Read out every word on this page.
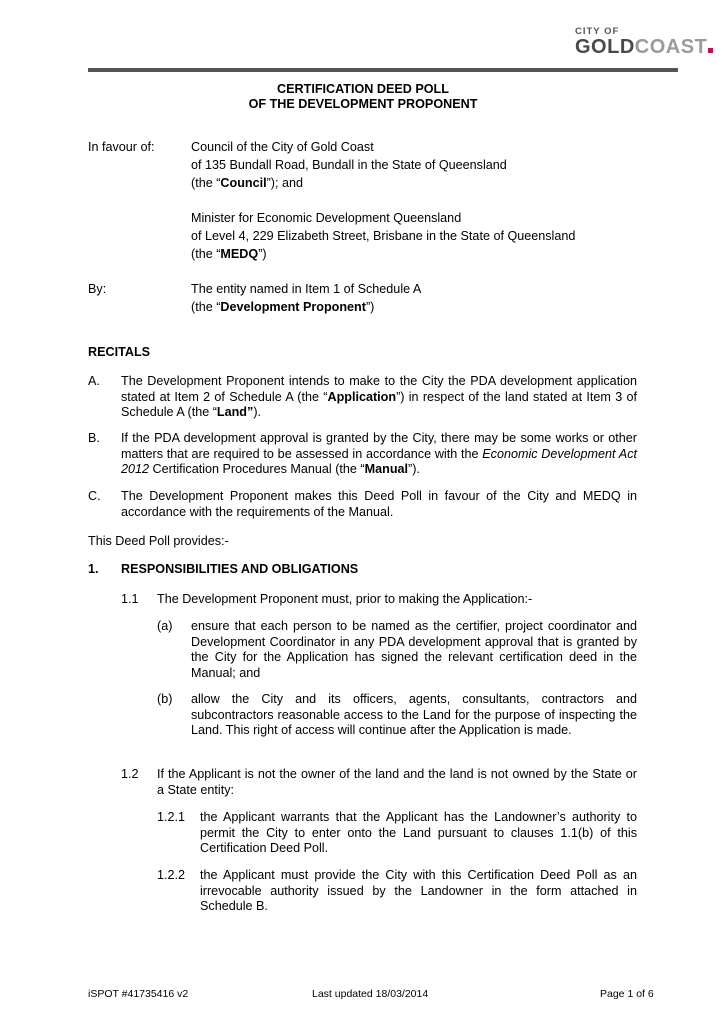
CITY OF
GOLDCOAST
CERTIFICATION DEED POLL
OF THE DEVELOPMENT PROPONENT
In favour of:	Council of the City of Gold Coast
of 135 Bundall Road, Bundall in the State of Queensland
(the “Council”); and
Minister for Economic Development Queensland
of Level 4, 229 Elizabeth Street, Brisbane in the State of Queensland
(the “MEDQ”)
By:	The entity named in Item 1 of Schedule A
(the “Development Proponent”)
RECITALS
A. The Development Proponent intends to make to the City the PDA development application stated at Item 2 of Schedule A (the “Application”) in respect of the land stated at Item 3 of Schedule A (the “Land”).

B. If the PDA development approval is granted by the City, there may be some works or other matters that are required to be assessed in accordance with the Economic Development Act 2012 Certification Procedures Manual (the “Manual”).

C. The Development Proponent makes this Deed Poll in favour of the City and MEDQ in accordance with the requirements of the Manual.

This Deed Poll provides:-
1. RESPONSIBILITIES AND OBLIGATIONS
1.1 The Development Proponent must, prior to making the Application:-
(a) ensure that each person to be named as the certifier, project coordinator and Development Coordinator in any PDA development approval that is granted by the City for the Application has signed the relevant certification deed in the Manual; and

(b) allow the City and its officers, agents, consultants, contractors and subcontractors reasonable access to the Land for the purpose of inspecting the Land. This right of access will continue after the Application is made.

1.2 If the Applicant is not the owner of the land and the land is not owned by the State or a State entity:

1.2.1 the Applicant warrants that the Applicant has the Landowner’s authority to permit the City to enter onto the Land pursuant to clauses 1.1(b) of this Certification Deed Poll.

1.2.2 the Applicant must provide the City with this Certification Deed Poll as an irrevocable authority issued by the Landowner in the form attached in Schedule B.

iSPOT #41735416 v2	Last updated 18/03/2014	Page 1 of 6
